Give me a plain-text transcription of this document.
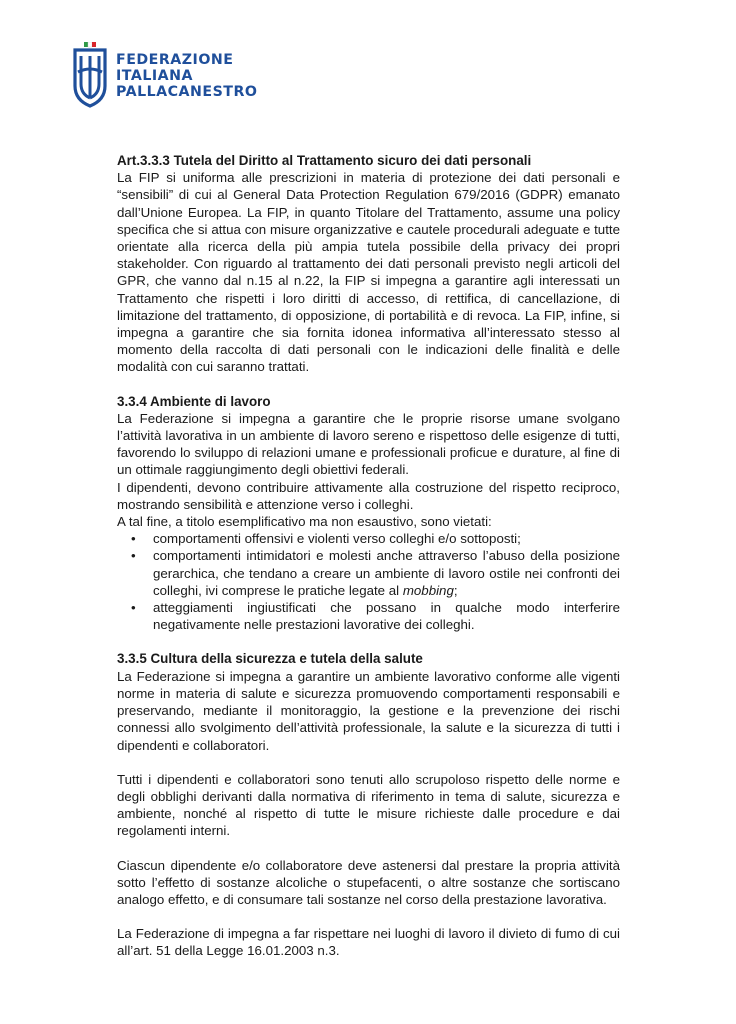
FEDERAZIONE
ITALIANA
PALLACANESTRO
Art.3.3.3 Tutela del Diritto al Trattamento sicuro dei dati personali

La FIP si uniforma alle prescrizioni in materia di protezione dei dati personali e “sensibili” di cui al General Data Protection Regulation 679/2016 (GDPR) emanato dall’Unione Europea. La FIP, in quanto Titolare del Trattamento, assume una policy specifica che si attua con misure organizzative e cautele procedurali adeguate e tutte orientate alla ricerca della più ampia tutela possibile della privacy dei propri stakeholder. Con riguardo al trattamento dei dati personali previsto negli articoli del GPR, che vanno dal n.15 al n.22, la FIP si impegna a garantire agli interessati un Trattamento che rispetti i loro diritti di accesso, di rettifica, di cancellazione, di limitazione del trattamento, di opposizione, di portabilità e di revoca. La FIP, infine, si impegna a garantire che sia fornita idonea informativa all’interessato stesso al momento della raccolta di dati personali con le indicazioni delle finalità e delle modalità con cui saranno trattati.

3.3.4 Ambiente di lavoro

La Federazione si impegna a garantire che le proprie risorse umane svolgano l’attività lavorativa in un ambiente di lavoro sereno e rispettoso delle esigenze di tutti, favorendo lo sviluppo di relazioni umane e professionali proficue e durature, al fine di un ottimale raggiungimento degli obiettivi federali.

I dipendenti, devono contribuire attivamente alla costruzione del rispetto reciproco, mostrando sensibilità e attenzione verso i colleghi.

A tal fine, a titolo esemplificativo ma non esaustivo, sono vietati:

• comportamenti offensivi e violenti verso colleghi e/o sottoposti;
• comportamenti intimidatori e molesti anche attraverso l’abuso della posizione gerarchica, che tendano a creare un ambiente di lavoro ostile nei confronti dei colleghi, ivi comprese le pratiche legate al mobbing;
• atteggiamenti ingiustificati che possano in qualche modo interferire negativamente nelle prestazioni lavorative dei colleghi.
3.3.5 Cultura della sicurezza e tutela della salute

La Federazione si impegna a garantire un ambiente lavorativo conforme alle vigenti norme in materia di salute e sicurezza promuovendo comportamenti responsabili e preservando, mediante il monitoraggio, la gestione e la prevenzione dei rischi connessi allo svolgimento dell’attività professionale, la salute e la sicurezza di tutti i dipendenti e collaboratori.

Tutti i dipendenti e collaboratori sono tenuti allo scrupoloso rispetto delle norme e degli obblighi derivanti dalla normativa di riferimento in tema di salute, sicurezza e ambiente, nonché al rispetto di tutte le misure richieste dalle procedure e dai regolamenti interni.

Ciascun dipendente e/o collaboratore deve astenersi dal prestare la propria attività sotto l’effetto di sostanze alcoliche o stupefacenti, o altre sostanze che sortiscano analogo effetto, e di consumare tali sostanze nel corso della prestazione lavorativa.

La Federazione di impegna a far rispettare nei luoghi di lavoro il divieto di fumo di cui all’art. 51 della Legge 16.01.2003 n.3.
